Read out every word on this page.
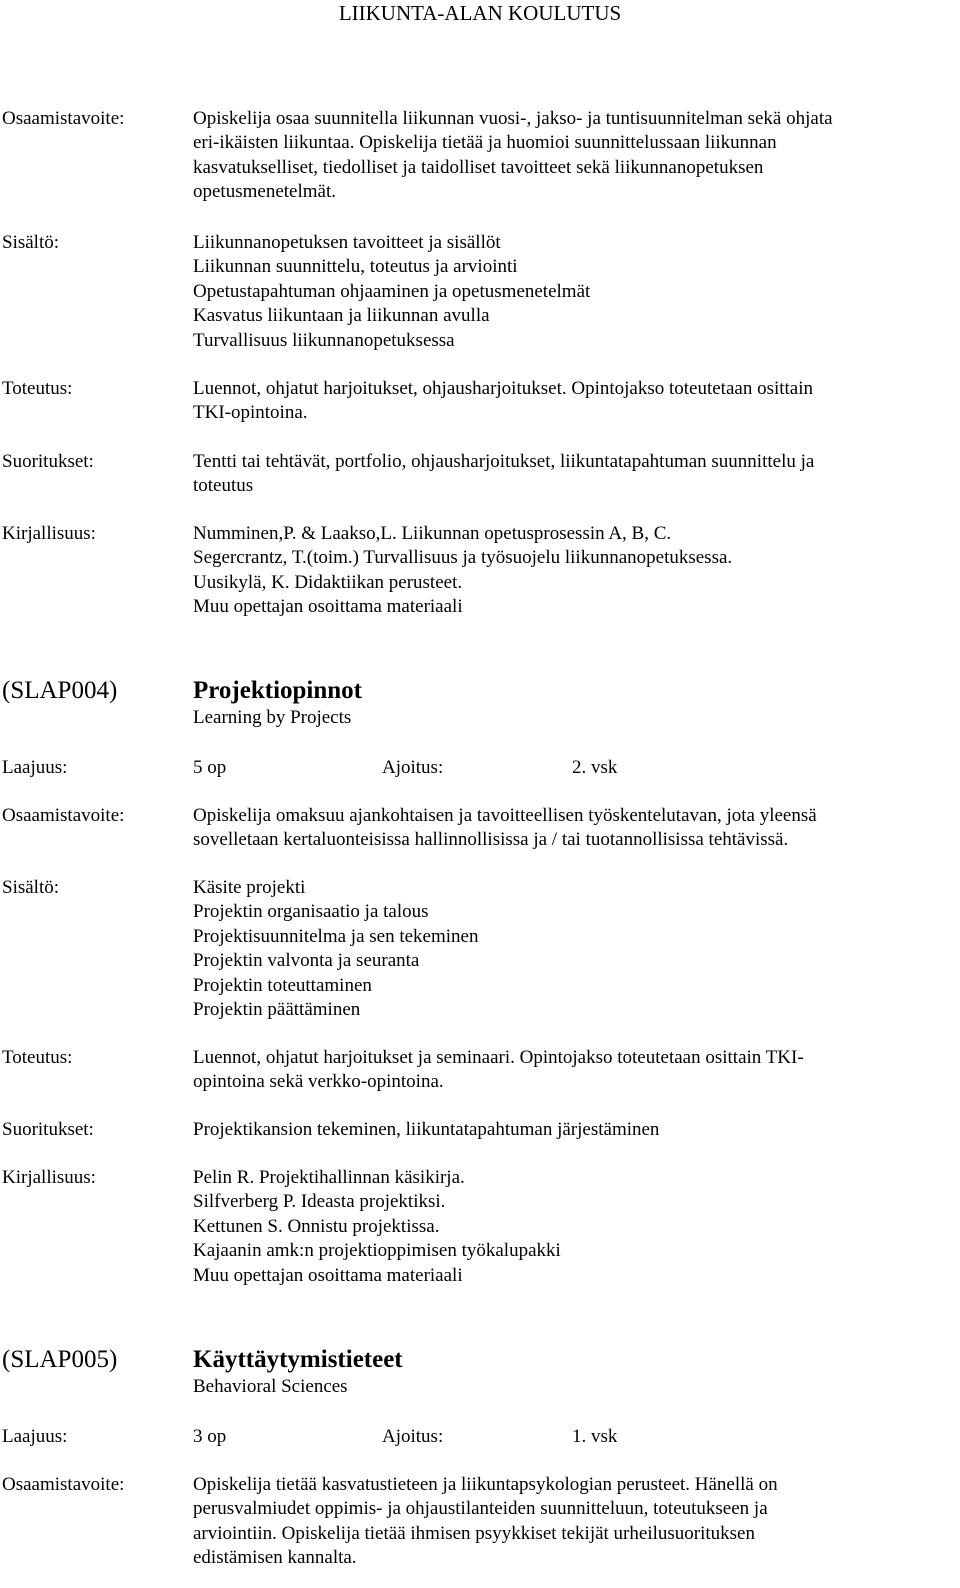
LIIKUNTA-ALAN KOULUTUS
Osaamistavoite:	Opiskelija osaa suunnitella liikunnan vuosi-, jakso- ja tuntisuunnitelman sekä ohjata
eri-ikäisten liikuntaa. Opiskelija tietää ja huomioi suunnittelussaan liikunnan
kasvatukselliset, tiedolliset ja taidolliset tavoitteet sekä liikunnanopetuksen
opetusmenetelmät.
Sisältö:	Liikunnanopetuksen tavoitteet ja sisällöt
Liikunnan suunnittelu, toteutus ja arviointi
Opetustapahtuman ohjaaminen ja opetusmenetelmät
Kasvatus liikuntaan ja liikunnan avulla
Turvallisuus liikunnanopetuksessa
Toteutus:	Luennot, ohjatut harjoitukset, ohjausharjoitukset. Opintojakso toteutetaan osittain
TKI-opintoina.
Suoritukset:	Tentti tai tehtävät, portfolio, ohjausharjoitukset, liikuntatapahtuman suunnittelu ja
toteutus
Kirjallisuus:	Numminen,P. & Laakso,L. Liikunnan opetusprosessin A, B, C.
Segercrantz, T.(toim.) Turvallisuus ja työsuojelu liikunnanopetuksessa.
Uusikylä, K. Didaktiikan perusteet.
Muu opettajan osoittama materiaali
(SLAP004)	Projektiopinnot
Learning by Projects
Laajuus:	5 op	Ajoitus:	2. vsk
Osaamistavoite:	Opiskelija omaksuu ajankohtaisen ja tavoitteellisen työskentelutavan, jota yleensä
sovelletaan kertaluonteisissa hallinnollisissa ja / tai tuotannollisissa tehtävissä.
Sisältö:	Käsite projekti
Projektin organisaatio ja talous
Projektisuunnitelma ja sen tekeminen
Projektin valvonta ja seuranta
Projektin toteuttaminen
Projektin päättäminen
Toteutus:	Luennot, ohjatut harjoitukset ja seminaari. Opintojakso toteutetaan osittain TKI-
opintoina sekä verkko-opintoina.
Suoritukset:	Projektikansion tekeminen, liikuntatapahtuman järjestäminen
Kirjallisuus:	Pelin R. Projektihallinnan käsikirja.
Silfverberg P. Ideasta projektiksi.
Kettunen S. Onnistu projektissa.
Kajaanin amk:n projektioppimisen työkalupakki
Muu opettajan osoittama materiaali
(SLAP005)	Käyttäytymistieteet
Behavioral Sciences
Laajuus:	3 op	Ajoitus:	1. vsk
Osaamistavoite:	Opiskelija tietää kasvatustieteen ja liikuntapsykologian perusteet. Hänellä on
perusvalmiudet oppimis- ja ohjaustilanteiden suunnitteluun, toteutukseen ja
arviointiin. Opiskelija tietää ihmisen psyykkiset tekijät urheilusuorituksen
edistämisen kannalta.
